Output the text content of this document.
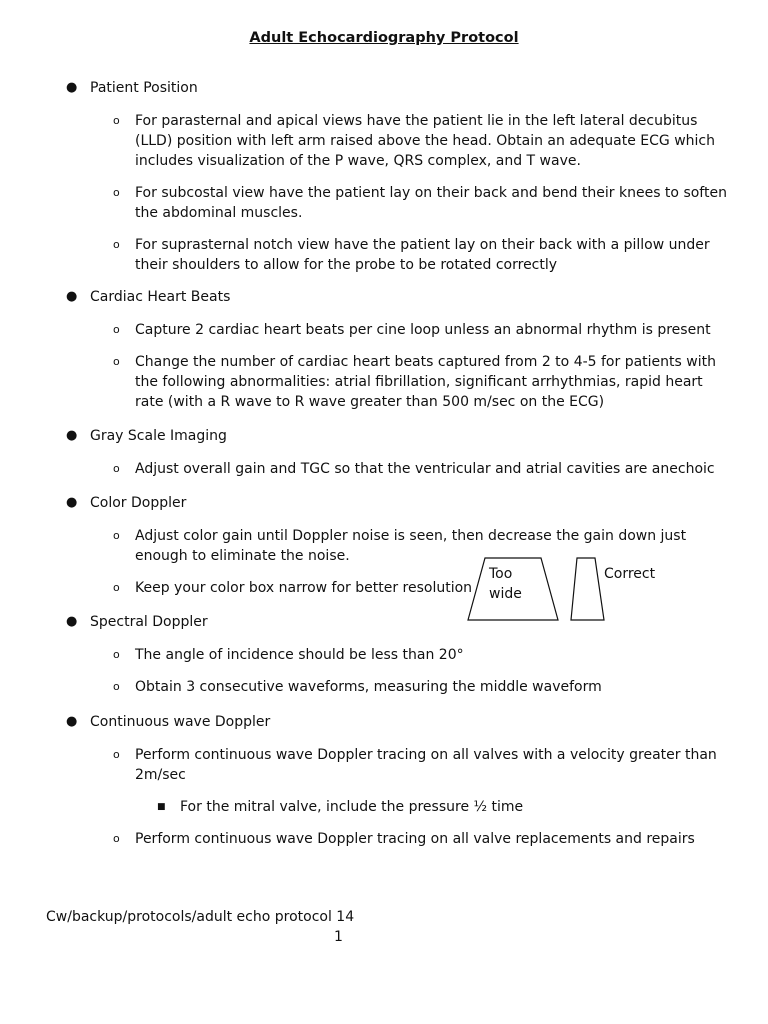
Adult Echocardiography Protocol
● Patient Position
o For parasternal and apical views have the patient lie in the left lateral decubitus
(LLD) position with left arm raised above the head. Obtain an adequate ECG which
includes visualization of the P wave, QRS complex, and T wave.
o For subcostal view have the patient lay on their back and bend their knees to soften
the abdominal muscles.
o For suprasternal notch view have the patient lay on their back with a pillow under
their shoulders to allow for the probe to be rotated correctly
● Cardiac Heart Beats
o Capture 2 cardiac heart beats per cine loop unless an abnormal rhythm is present
o Change the number of cardiac heart beats captured from 2 to 4-5 for patients with
the following abnormalities: atrial fibrillation, significant arrhythmias, rapid heart
rate (with a R wave to R wave greater than 500 m/sec on the ECG)
● Gray Scale Imaging
o Adjust overall gain and TGC so that the ventricular and atrial cavities are anechoic
● Color Doppler
o Adjust color gain until Doppler noise is seen, then decrease the gain down just
enough to eliminate the noise.
o Keep your color box narrow for better resolution
● Spectral Doppler
o The angle of incidence should be less than 20°
o Obtain 3 consecutive waveforms, measuring the middle waveform
● Continuous wave Doppler
o Perform continuous wave Doppler tracing on all valves with a velocity greater than
2m/sec
■ For the mitral valve, include the pressure ½ time
o Perform continuous wave Doppler tracing on all valve replacements and repairs
Too
wide
Correct
Cw/backup/protocols/adult echo protocol 14
1
